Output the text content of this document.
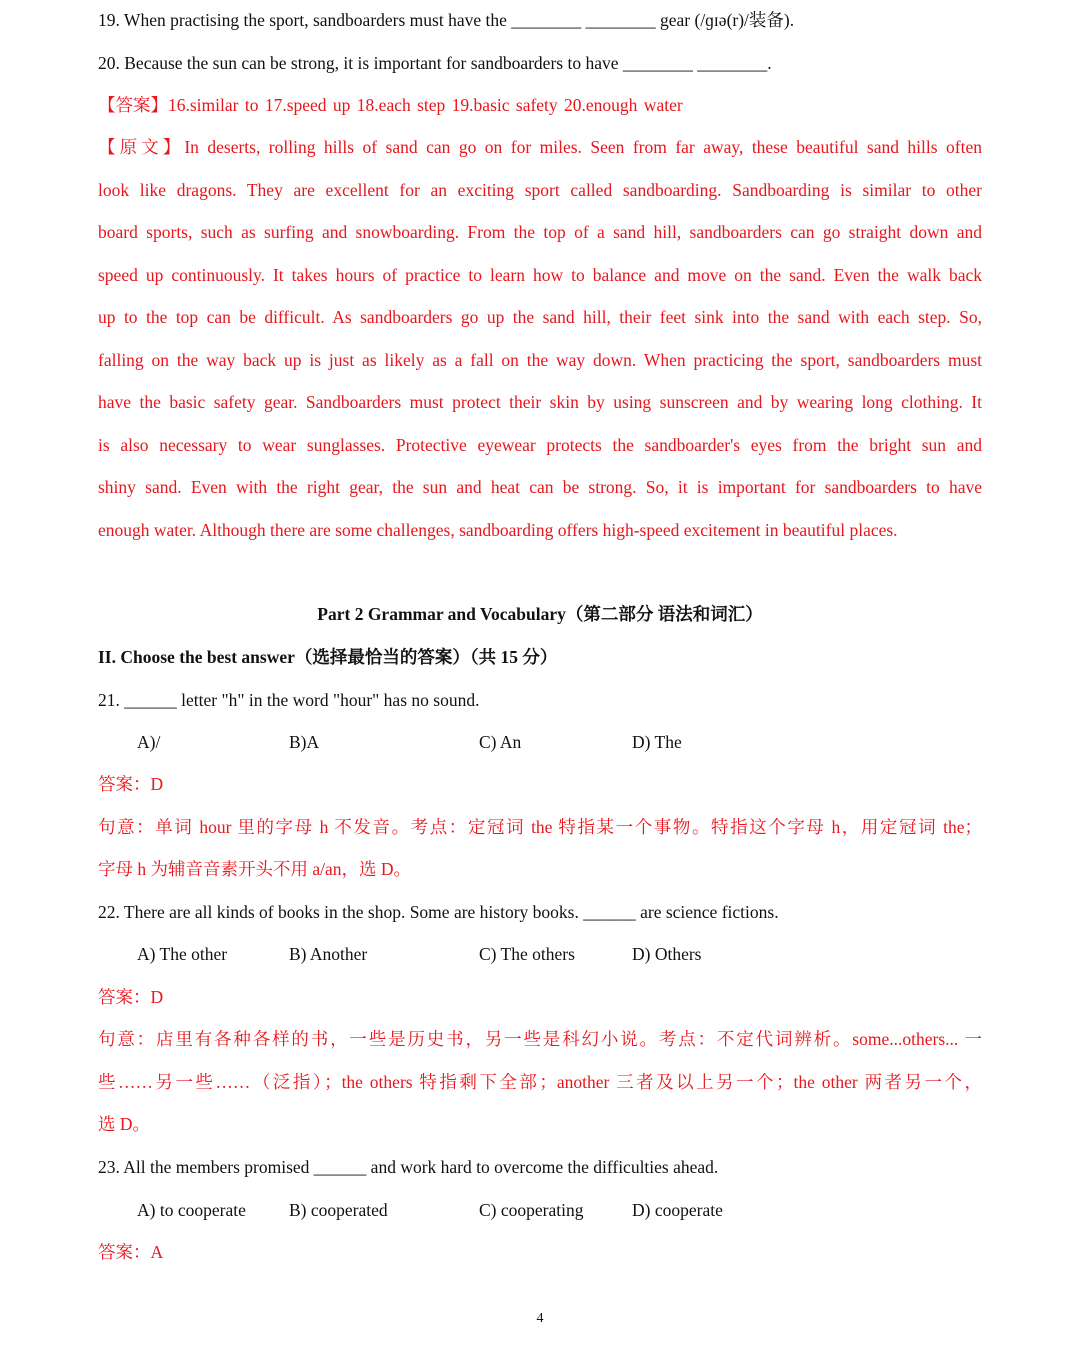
19. When practising the sport, sandboarders must have the ________ ________ gear (/ɡɪə(r)/装备).
20. Because the sun can be strong, it is important for sandboarders to have ________ ________.
【答案】16.similar to 17.speed up 18.each step 19.basic safety 20.enough water
【原文】In deserts, rolling hills of sand can go on for miles. Seen from far away, these beautiful sand hills often
look like dragons. They are excellent for an exciting sport called sandboarding. Sandboarding is similar to other
board sports, such as surfing and snowboarding. From the top of a sand hill, sandboarders can go straight down and
speed up continuously. It takes hours of practice to learn how to balance and move on the sand. Even the walk back
up to the top can be difficult. As sandboarders go up the sand hill, their feet sink into the sand with each step. So,
falling on the way back up is just as likely as a fall on the way down. When practicing the sport, sandboarders must
have the basic safety gear. Sandboarders must protect their skin by using sunscreen and by wearing long clothing. It
is also necessary to wear sunglasses. Protective eyewear protects the sandboarder's eyes from the bright sun and
shiny sand. Even with the right gear, the sun and heat can be strong. So, it is important for sandboarders to have
enough water. Although there are some challenges, sandboarding offers high-speed excitement in beautiful places.
Part 2 Grammar and Vocabulary（第二部分 语法和词汇）
II. Choose the best answer（选择最恰当的答案）（共 15 分）
21. ______ letter "h" in the word "hour" has no sound.
A)/	B)A	C) An	D) The
答案：D
句意：单词 hour 里的字母 h 不发音。考点：定冠词 the 特指某一个事物。特指这个字母 h，用定冠词 the；
字母 h 为辅音音素开头不用 a/an，选 D。
22. There are all kinds of books in the shop. Some are history books. ______ are science fictions.
A) The other	B) Another	C) The others	D) Others
答案：D
句意：店里有各种各样的书，一些是历史书，另一些是科幻小说。考点：不定代词辨析。some...others... 一
些……另一些……（泛指）；the others 特指剩下全部；another 三者及以上另一个；the other 两者另一个，
选 D。
23. All the members promised ______ and work hard to overcome the difficulties ahead.
A) to cooperate B) cooperated	C) cooperating	D) cooperate
答案：A
4
